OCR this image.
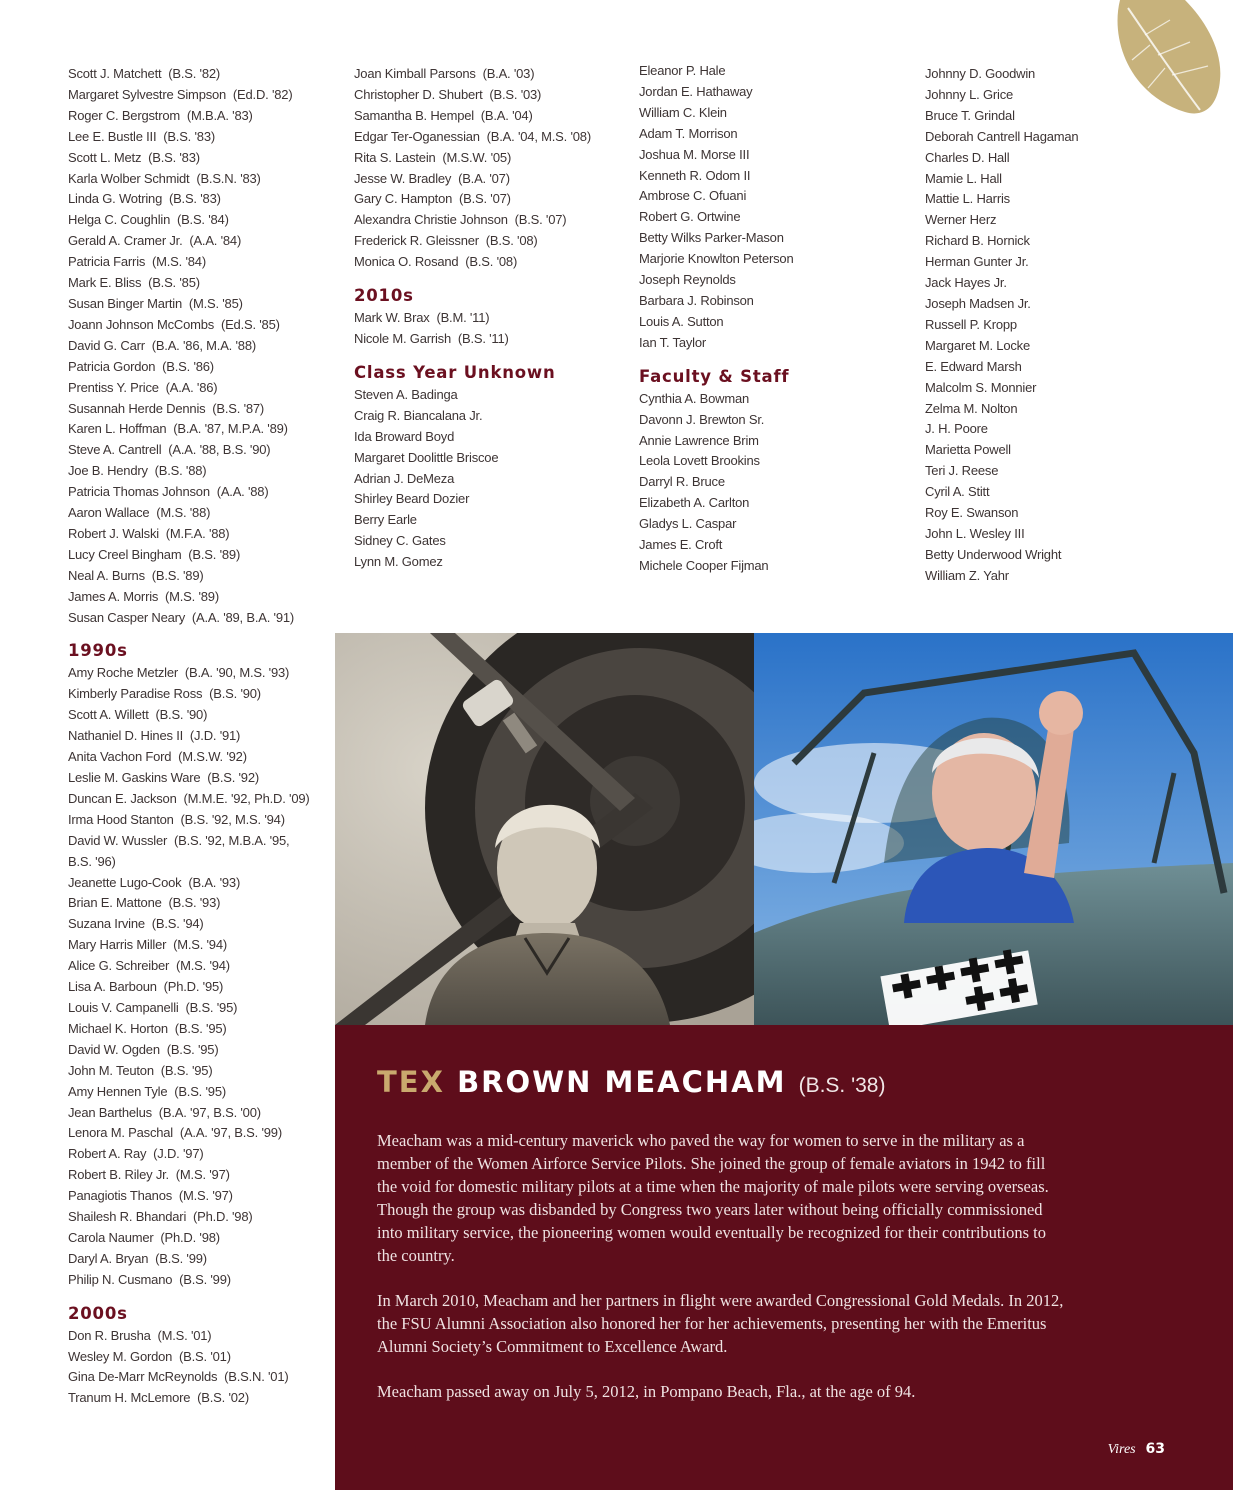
Scott J. Matchett (B.S. '82)
Margaret Sylvestre Simpson (Ed.D. '82)
Roger C. Bergstrom (M.B.A. '83)
Lee E. Bustle III (B.S. '83)
Scott L. Metz (B.S. '83)
Karla Wolber Schmidt (B.S.N. '83)
Linda G. Wotring (B.S. '83)
Helga C. Coughlin (B.S. '84)
Gerald A. Cramer Jr. (A.A. '84)
Patricia Farris (M.S. '84)
Mark E. Bliss (B.S. '85)
Susan Binger Martin (M.S. '85)
Joann Johnson McCombs (Ed.S. '85)
David G. Carr (B.A. '86, M.A. '88)
Patricia Gordon (B.S. '86)
Prentiss Y. Price (A.A. '86)
Susannah Herde Dennis (B.S. '87)
Karen L. Hoffman (B.A. '87, M.P.A. '89)
Steve A. Cantrell (A.A. '88, B.S. '90)
Joe B. Hendry (B.S. '88)
Patricia Thomas Johnson (A.A. '88)
Aaron Wallace (M.S. '88)
Robert J. Walski (M.F.A. '88)
Lucy Creel Bingham (B.S. '89)
Neal A. Burns (B.S. '89)
James A. Morris (M.S. '89)
Susan Casper Neary (A.A. '89, B.A. '91)
1990s
Amy Roche Metzler (B.A. '90, M.S. '93)
Kimberly Paradise Ross (B.S. '90)
Scott A. Willett (B.S. '90)
Nathaniel D. Hines II (J.D. '91)
Anita Vachon Ford (M.S.W. '92)
Leslie M. Gaskins Ware (B.S. '92)
Duncan E. Jackson (M.M.E. '92, Ph.D. '09)
Irma Hood Stanton (B.S. '92, M.S. '94)
David W. Wussler (B.S. '92, M.B.A. '95, B.S. '96)
Jeanette Lugo-Cook (B.A. '93)
Brian E. Mattone (B.S. '93)
Suzana Irvine (B.S. '94)
Mary Harris Miller (M.S. '94)
Alice G. Schreiber (M.S. '94)
Lisa A. Barboun (Ph.D. '95)
Louis V. Campanelli (B.S. '95)
Michael K. Horton (B.S. '95)
David W. Ogden (B.S. '95)
John M. Teuton (B.S. '95)
Amy Hennen Tyle (B.S. '95)
Jean Barthelus (B.A. '97, B.S. '00)
Lenora M. Paschal (A.A. '97, B.S. '99)
Robert A. Ray (J.D. '97)
Robert B. Riley Jr. (M.S. '97)
Panagiotis Thanos (M.S. '97)
Shailesh R. Bhandari (Ph.D. '98)
Carola Naumer (Ph.D. '98)
Daryl A. Bryan (B.S. '99)
Philip N. Cusmano (B.S. '99)
2000s
Don R. Brusha (M.S. '01)
Wesley M. Gordon (B.S. '01)
Gina De-Marr McReynolds (B.S.N. '01)
Tranum H. McLemore (B.S. '02)
Joan Kimball Parsons (B.A. '03)
Christopher D. Shubert (B.S. '03)
Samantha B. Hempel (B.A. '04)
Edgar Ter-Oganessian (B.A. '04, M.S. '08)
Rita S. Lastein (M.S.W. '05)
Jesse W. Bradley (B.A. '07)
Gary C. Hampton (B.S. '07)
Alexandra Christie Johnson (B.S. '07)
Frederick R. Gleissner (B.S. '08)
Monica O. Rosand (B.S. '08)
2010s
Mark W. Brax (B.M. '11)
Nicole M. Garrish (B.S. '11)
Class Year Unknown
Steven A. Badinga
Craig R. Biancalana Jr.
Ida Broward Boyd
Margaret Doolittle Briscoe
Adrian J. DeMeza
Shirley Beard Dozier
Berry Earle
Sidney C. Gates
Lynn M. Gomez
Eleanor P. Hale
Jordan E. Hathaway
William C. Klein
Adam T. Morrison
Joshua M. Morse III
Kenneth R. Odom II
Ambrose C. Ofuani
Robert G. Ortwine
Betty Wilks Parker-Mason
Marjorie Knowlton Peterson
Joseph Reynolds
Barbara J. Robinson
Louis A. Sutton
Ian T. Taylor
Faculty & Staff
Cynthia A. Bowman
Davonn J. Brewton Sr.
Annie Lawrence Brim
Leola Lovett Brookins
Darryl R. Bruce
Elizabeth A. Carlton
Gladys L. Caspar
James E. Croft
Michele Cooper Fijman
Johnny D. Goodwin
Johnny L. Grice
Bruce T. Grindal
Deborah Cantrell Hagaman
Charles D. Hall
Mamie L. Hall
Mattie L. Harris
Werner Herz
Richard B. Hornick
Herman Gunter Jr.
Jack Hayes Jr.
Joseph Madsen Jr.
Russell P. Kropp
Margaret M. Locke
E. Edward Marsh
Malcolm S. Monnier
Zelma M. Nolton
J. H. Poore
Marietta Powell
Teri J. Reese
Cyril A. Stitt
Roy E. Swanson
John L. Wesley III
Betty Underwood Wright
William Z. Yahr
TEX BROWN MEACHAM (B.S. '38)

Meacham was a mid-century maverick who paved the way for women to serve in the military as a member of the Women Airforce Service Pilots. She joined the group of female aviators in 1942 to fill the void for domestic military pilots at a time when the majority of male pilots were serving overseas. Though the group was disbanded by Congress two years later without being officially commissioned into military service, the pioneering women would eventually be recognized for their contributions to the country.

In March 2010, Meacham and her partners in flight were awarded Congressional Gold Medals. In 2012, the FSU Alumni Association also honored her for her achievements, presenting her with the Emeritus Alumni Society’s Commitment to Excellence Award.

Meacham passed away on July 5, 2012, in Pompano Beach, Fla., at the age of 94.

Vires 63
